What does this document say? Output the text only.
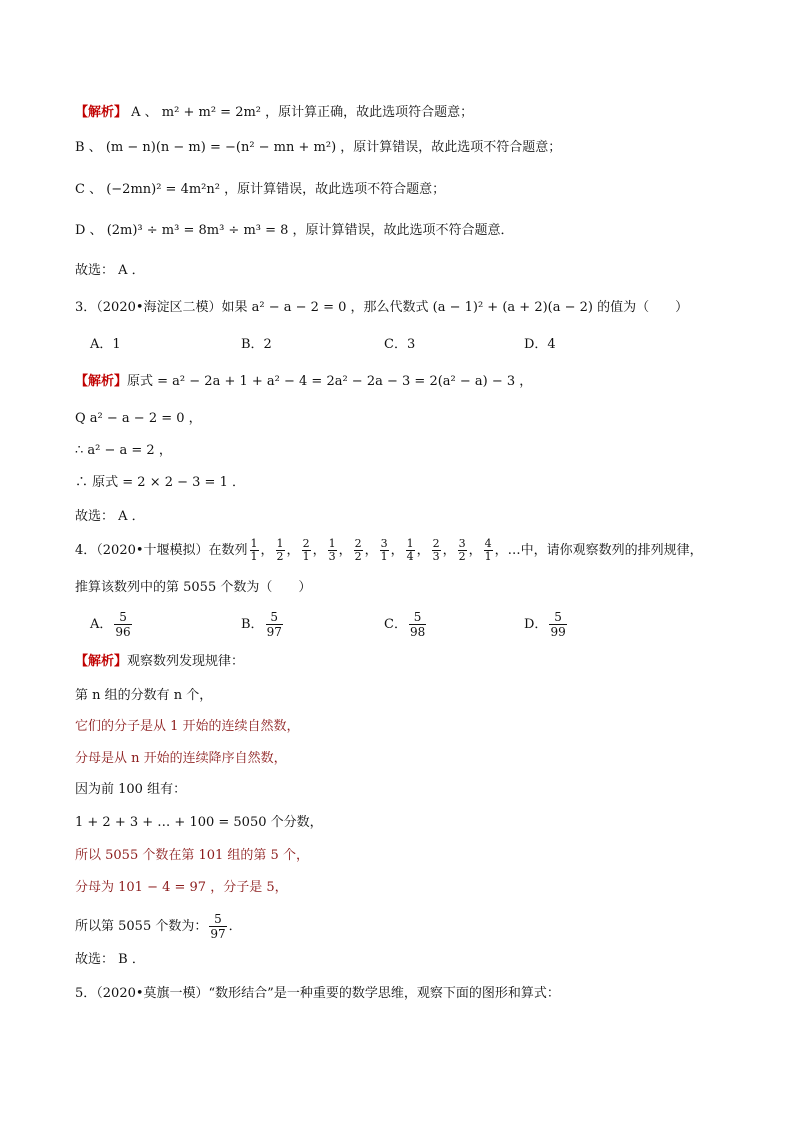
【解析】 A 、 m² + m² = 2m² ，原计算正确，故此选项符合题意；
B 、 (m − n)(n − m) = −(n² − mn + m²) ，原计算错误，故此选项不符合题意；
C 、 (−2mn)² = 4m²n² ，原计算错误，故此选项不符合题意；
D 、 (2m)³ ÷ m³ = 8m³ ÷ m³ = 8 ，原计算错误，故此选项不符合题意．
故选： A ．
3．（2020•海淀区二模）如果 a² − a − 2 = 0 ，那么代数式 (a − 1)² + (a + 2)(a − 2) 的值为（　　）
A．1	B．2	C．3	D．4
【解析】原式 = a² − 2a + 1 + a² − 4 = 2a² − 2a − 3 = 2(a² − a) − 3 ，
Q a² − a − 2 = 0 ，
∴ a² − a = 2 ，
∴ 原式 = 2 × 2 − 3 = 1 ．
故选： A ．
4．（2020•十堰模拟）在数列 $\frac{1}{1}$ ， $\frac{1}{2}$ ， $\frac{2}{1}$ ， $\frac{1}{3}$ ， $\frac{2}{2}$ ， $\frac{3}{1}$ ， $\frac{1}{4}$ ， $\frac{2}{3}$ ， $\frac{3}{2}$ ， $\frac{4}{1}$ ，…中，请你观察数列的排列规律，
推算该数列中的第 5055 个数为（　　）
A． $\frac{5}{96}$	B． $\frac{5}{97}$	C． $\frac{5}{98}$	D． $\frac{5}{99}$
【解析】观察数列发现规律：
第 n 组的分数有 n 个，
它们的分子是从 1 开始的连续自然数，
分母是从 n 开始的连续降序自然数，
因为前 100 组有：
1 + 2 + 3 + … + 100 = 5050 个分数，
所以 5055 个数在第 101 组的第 5 个，
分母为 101 − 4 = 97 ，分子是 5，
所以第 5055 个数为： $\frac{5}{97}$ ．
故选： B ．
5．（2020•莫旗一模）“数形结合”是一种重要的数学思维，观察下面的图形和算式：
